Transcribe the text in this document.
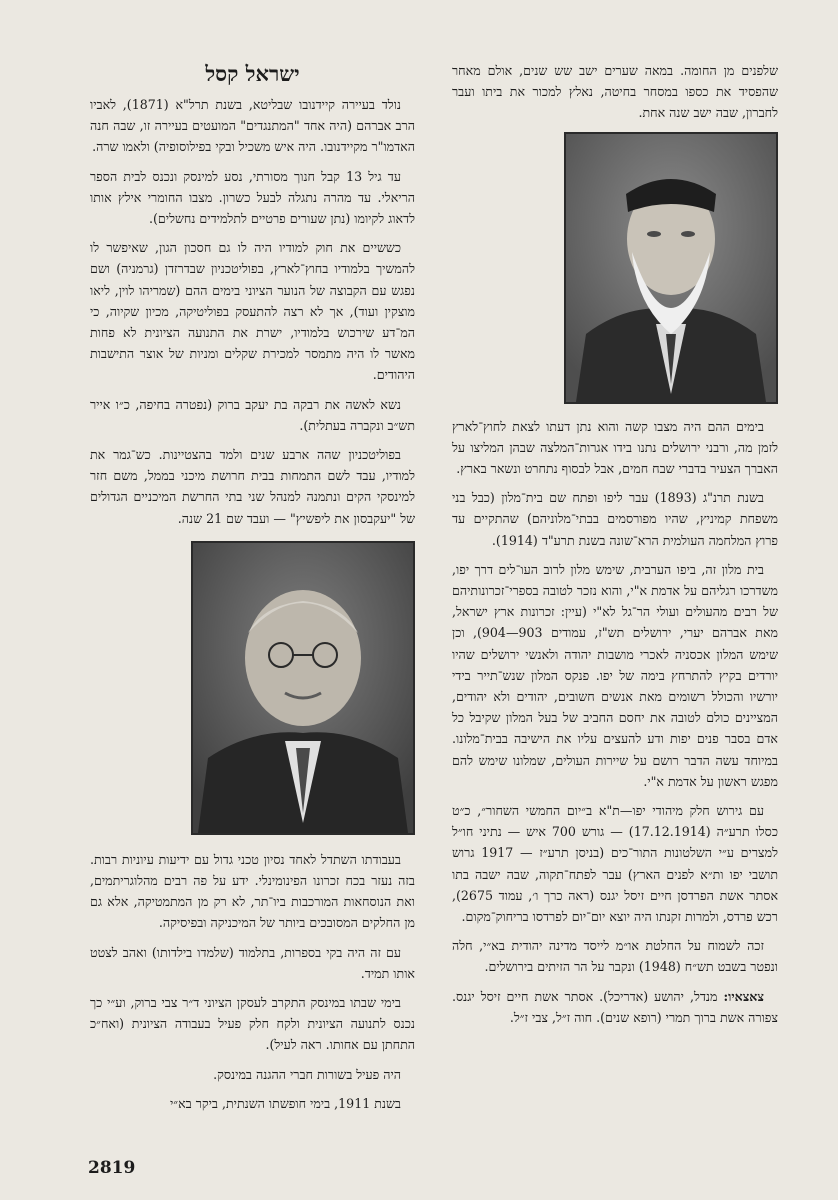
שלפנים מן החומה. במאה שערים ישב שש שנים, אולם מאחר שהפסיד את כספו במסחר בחיטה, נאלץ למכור את ביתו ועבר לחברון, שבה ישב שנה אחת.

בימים ההם היה מצבו קשה והוא נתן דעתו לצאת לחוץ־לארץ לזמן מה, ורבני ירושלים נתנו בידו אגרות־המלצה שבהן המליצו על האברך הצעיר בדברי שבח חמים, אבל לבסוף נתחרט ונשאר בארץ.

בשנת תרנ"ג (1893) עבר ליפו ופתח שם בית־מלון (כבל בני משפחת קמיניץ, שהיו מפורסמים בבתי־מלוניהם) שהתקיים עד פרוץ המלחמה העולמית הרא־שונה בשנת תרע"ד (1914).

בית מלון זה, ביפו הערבית, שימש מלון לרוב העו־לים דרך יפו, משדרכו רגליהם על אדמת א"י, והוא נזכר לטובה בספרי־זכרונותיהם של רבים מהעולים ועולי הר־גל לא"י (עיין: זכרונות ארץ ישראל, מאת אברהם יערי, ירושלים תש"ז, עמודים 903—904), וכן שימש המלון אכסניה לאכרי מושבות יהודה ולאנשי ירושלים שהיו יורדים בקיץ להתרחץ בימה של יפו. פנקס המלון שנש־תייר בידי יורשיו והכולל רשומים מאת אנשים חשובים, יהודים ולא יהודים, המציינים כולם לטובה את יחסם החביב של בעל המלון שקיבל כל אדם בסבר פנים יפות ודע להעצים עליו את הישיבה בבית־מלונו. במיוחד עשה הדבר רושם על שיירות העולים, שמלונו שימש להם מפגש ראשון על אדמת א"י.

עם גירוש חלק מיהודי יפו—ת"א ב״יום החמשי השחור״, כ״ט כסלו תרע״ה (17.12.1914) — גורש 700 איש — נתיני חו״ל למצרים ע״י השלטונות התור־כים (בניסן תרע״ז — 1917 גרוש תושבי יפו ות״א לפנים הארץ) עבר לפתח־תקוה, שבה ישבה בתו אסתר אשת הפרדסן חיים זיסל יגנס (ראה כרך ו׳, עמוד 2675), רכש פרדס, ולמרות זקנתו היה יוצא יום־יום לפרדסו בריחוק־מקום.

זכה לשמוח על החלטת או״מ לייסד מדינה יהודית בא״י, חלה ונפטר בשבט תש״ח (1948) ונקבר על הר הזיתים בירושלים.

צאצאיו: מנדל, יהושע (אדריכל). אסתר אשת חיים זיסל יגנס. צפורה אשת ברוך תמרי (רופא שנים). חוה ז״ל, צבי ז״ל.

ישראל קסל

נולד בעיירה קיידנובו שבליטא, בשנת תרל"א (1871), לאביו הרב אברהם (היה אחד "המתנגדים" המועטים בעיירה זו, שבה חנה האדמו"ר מקיידנובו. היה איש משכיל ובקי בפילוסופיה) ולאמו שרה.

עד גיל 13 קבל חנוך מסורתי, נסע למינסק ונכנס לבית הספר הריאלי. עד מהרה נתגלה לבעל כשרון. מצבו החומרי אילץ אותו לדאוג לקיומו (נתן שעורים פרטיים לתלמידים נחשלים).

כששיים את חוק למודיו היה לו גם חסכון הגון, שאיפשר לו להמשיך בלמודיו בחוץ־לארץ, בפוליטכניון שבדרזדן (גרמניה) ושם נפגש עם הקבוצה של הנוער הציוני בימים ההם (שמריהו לוין, ליאו מוצקין ועוד), אך לא רצה להתעסק בפוליטיקה, מכיון שקיוה, כי המ־דע שירכוש בלמודיו, ישרת את התנועה הציונית לא פחות מאשר לו היה מתמסר למכירת שקלים ומניות של אוצר התישבות היהודים.

נשא לאשה את רבקה בת יעקב ברוק (נפטרה בחיפה, כ״ו אייר תש״ב ונקברה בעתלית).

בפוליטכניון שהה ארבע שנים ולמד בהצטיינות. כש־גמר את למודיו, עבד לשם התמחות בבית חרושת מיכני בממל, משם חזר למינסקי הקים ונתמנה למנהל שני בתי החרשת המיכניים הגדולים של "יעקבסון את ליפשיץ" — ועבד שם 21 שנה.

בעבודתו השתדל לאחד נסיון טכני גדול עם ידיעות עיוניות רבות. בזה נעזר בכח זכרונו הפינומינלי. ידע על פה רבים מהלוגריתמים, ואת הנוסחאות המורכבות ביו־תר, לא רק מן המתמטיקה, אלא גם מן החלקים המסובכים ביותר של המיכניקה ובפיסיקה.

עם זה היה בקי בספרות, בתלמוד (שלמדו בילדותו) ואהב לצטט אותו תמיד.

בימי שבתו במינסק התקרב לעסקן הציוני ד״ר צבי ברוק, וע״י כך נכנס לתנועה הציונית ולקח חלק פעיל בעבודה הציונית (ואח״כ התחתן עם אחותו. ראה לעיל).

היה פעיל בשורות חברי ההגנה במינסק.

בשנת 1911, בימי חופשתו השנתית, ביקר בא״י

2819
